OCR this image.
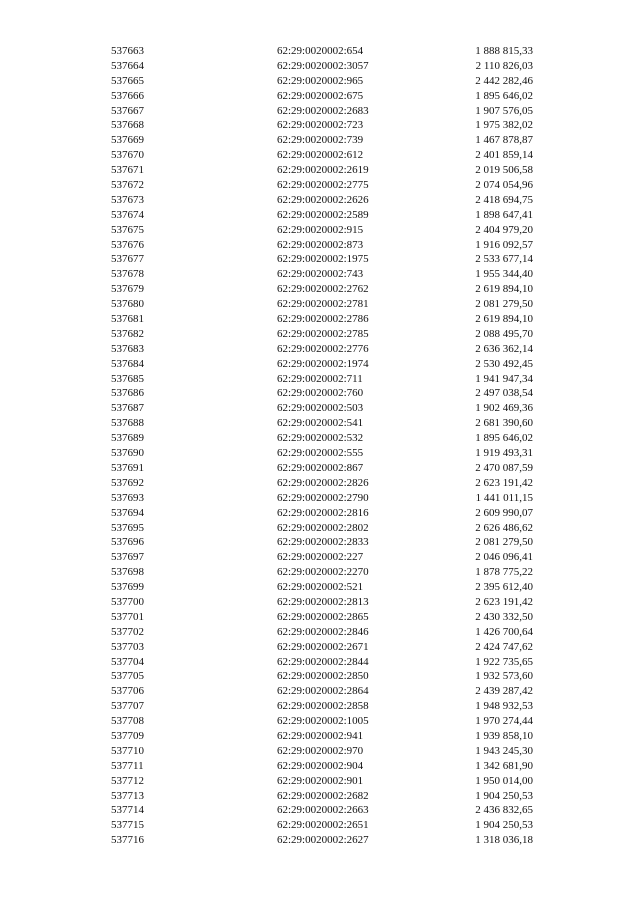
537663	62:29:0020002:654	1 888 815,33
537664	62:29:0020002:3057	2 110 826,03
537665	62:29:0020002:965	2 442 282,46
537666	62:29:0020002:675	1 895 646,02
537667	62:29:0020002:2683	1 907 576,05
537668	62:29:0020002:723	1 975 382,02
537669	62:29:0020002:739	1 467 878,87
537670	62:29:0020002:612	2 401 859,14
537671	62:29:0020002:2619	2 019 506,58
537672	62:29:0020002:2775	2 074 054,96
537673	62:29:0020002:2626	2 418 694,75
537674	62:29:0020002:2589	1 898 647,41
537675	62:29:0020002:915	2 404 979,20
537676	62:29:0020002:873	1 916 092,57
537677	62:29:0020002:1975	2 533 677,14
537678	62:29:0020002:743	1 955 344,40
537679	62:29:0020002:2762	2 619 894,10
537680	62:29:0020002:2781	2 081 279,50
537681	62:29:0020002:2786	2 619 894,10
537682	62:29:0020002:2785	2 088 495,70
537683	62:29:0020002:2776	2 636 362,14
537684	62:29:0020002:1974	2 530 492,45
537685	62:29:0020002:711	1 941 947,34
537686	62:29:0020002:760	2 497 038,54
537687	62:29:0020002:503	1 902 469,36
537688	62:29:0020002:541	2 681 390,60
537689	62:29:0020002:532	1 895 646,02
537690	62:29:0020002:555	1 919 493,31
537691	62:29:0020002:867	2 470 087,59
537692	62:29:0020002:2826	2 623 191,42
537693	62:29:0020002:2790	1 441 011,15
537694	62:29:0020002:2816	2 609 990,07
537695	62:29:0020002:2802	2 626 486,62
537696	62:29:0020002:2833	2 081 279,50
537697	62:29:0020002:227	2 046 096,41
537698	62:29:0020002:2270	1 878 775,22
537699	62:29:0020002:521	2 395 612,40
537700	62:29:0020002:2813	2 623 191,42
537701	62:29:0020002:2865	2 430 332,50
537702	62:29:0020002:2846	1 426 700,64
537703	62:29:0020002:2671	2 424 747,62
537704	62:29:0020002:2844	1 922 735,65
537705	62:29:0020002:2850	1 932 573,60
537706	62:29:0020002:2864	2 439 287,42
537707	62:29:0020002:2858	1 948 932,53
537708	62:29:0020002:1005	1 970 274,44
537709	62:29:0020002:941	1 939 858,10
537710	62:29:0020002:970	1 943 245,30
537711	62:29:0020002:904	1 342 681,90
537712	62:29:0020002:901	1 950 014,00
537713	62:29:0020002:2682	1 904 250,53
537714	62:29:0020002:2663	2 436 832,65
537715	62:29:0020002:2651	1 904 250,53
537716	62:29:0020002:2627	1 318 036,18
